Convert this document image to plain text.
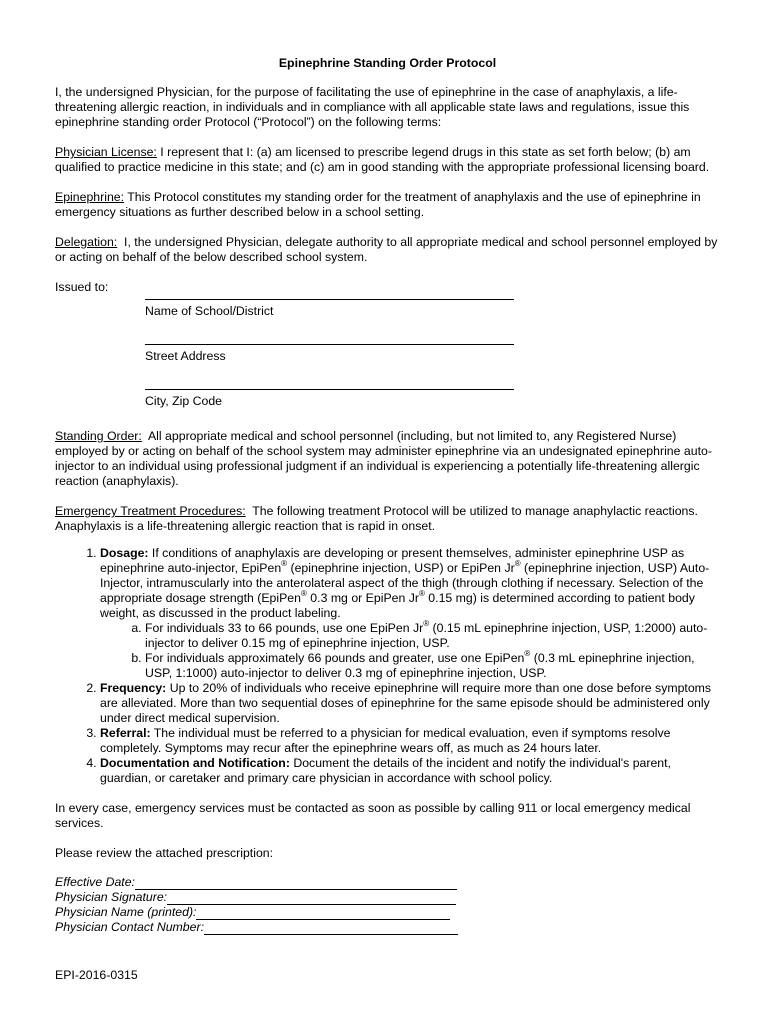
Epinephrine Standing Order Protocol

I, the undersigned Physician, for the purpose of facilitating the use of epinephrine in the case of anaphylaxis, a life-threatening allergic reaction, in individuals and in compliance with all applicable state laws and regulations, issue this epinephrine standing order Protocol (“Protocol”) on the following terms:

Physician License: I represent that I: (a) am licensed to prescribe legend drugs in this state as set forth below; (b) am qualified to practice medicine in this state; and (c) am in good standing with the appropriate professional licensing board.

Epinephrine: This Protocol constitutes my standing order for the treatment of anaphylaxis and the use of epinephrine in emergency situations as further described below in a school setting.

Delegation:  I, the undersigned Physician, delegate authority to all appropriate medical and school personnel employed by or acting on behalf of the below described school system.

Issued to:
Name of School/District
Street Address
City, Zip Code

Standing Order:  All appropriate medical and school personnel (including, but not limited to, any Registered Nurse) employed by or acting on behalf of the school system may administer epinephrine via an undesignated epinephrine auto-injector to an individual using professional judgment if an individual is experiencing a potentially life-threatening allergic reaction (anaphylaxis).

Emergency Treatment Procedures:  The following treatment Protocol will be utilized to manage anaphylactic reactions. Anaphylaxis is a life-threatening allergic reaction that is rapid in onset.

1. Dosage: If conditions of anaphylaxis are developing or present themselves, administer epinephrine USP as epinephrine auto-injector, EpiPen® (epinephrine injection, USP) or EpiPen Jr® (epinephrine injection, USP) Auto-Injector, intramuscularly into the anterolateral aspect of the thigh (through clothing if necessary. Selection of the appropriate dosage strength (EpiPen® 0.3 mg or EpiPen Jr® 0.15 mg) is determined according to patient body weight, as discussed in the product labeling.
a. For individuals 33 to 66 pounds, use one EpiPen Jr® (0.15 mL epinephrine injection, USP, 1:2000) auto-injector to deliver 0.15 mg of epinephrine injection, USP.
b. For individuals approximately 66 pounds and greater, use one EpiPen® (0.3 mL epinephrine injection, USP, 1:1000) auto-injector to deliver 0.3 mg of epinephrine injection, USP.
2. Frequency: Up to 20% of individuals who receive epinephrine will require more than one dose before symptoms are alleviated. More than two sequential doses of epinephrine for the same episode should be administered only under direct medical supervision.
3. Referral: The individual must be referred to a physician for medical evaluation, even if symptoms resolve completely. Symptoms may recur after the epinephrine wears off, as much as 24 hours later.
4. Documentation and Notification: Document the details of the incident and notify the individual's parent, guardian, or caretaker and primary care physician in accordance with school policy.

In every case, emergency services must be contacted as soon as possible by calling 911 or local emergency medical services.

Please review the attached prescription:

Effective Date:
Physician Signature:
Physician Name (printed):
Physician Contact Number:
EPI-2016-0315
